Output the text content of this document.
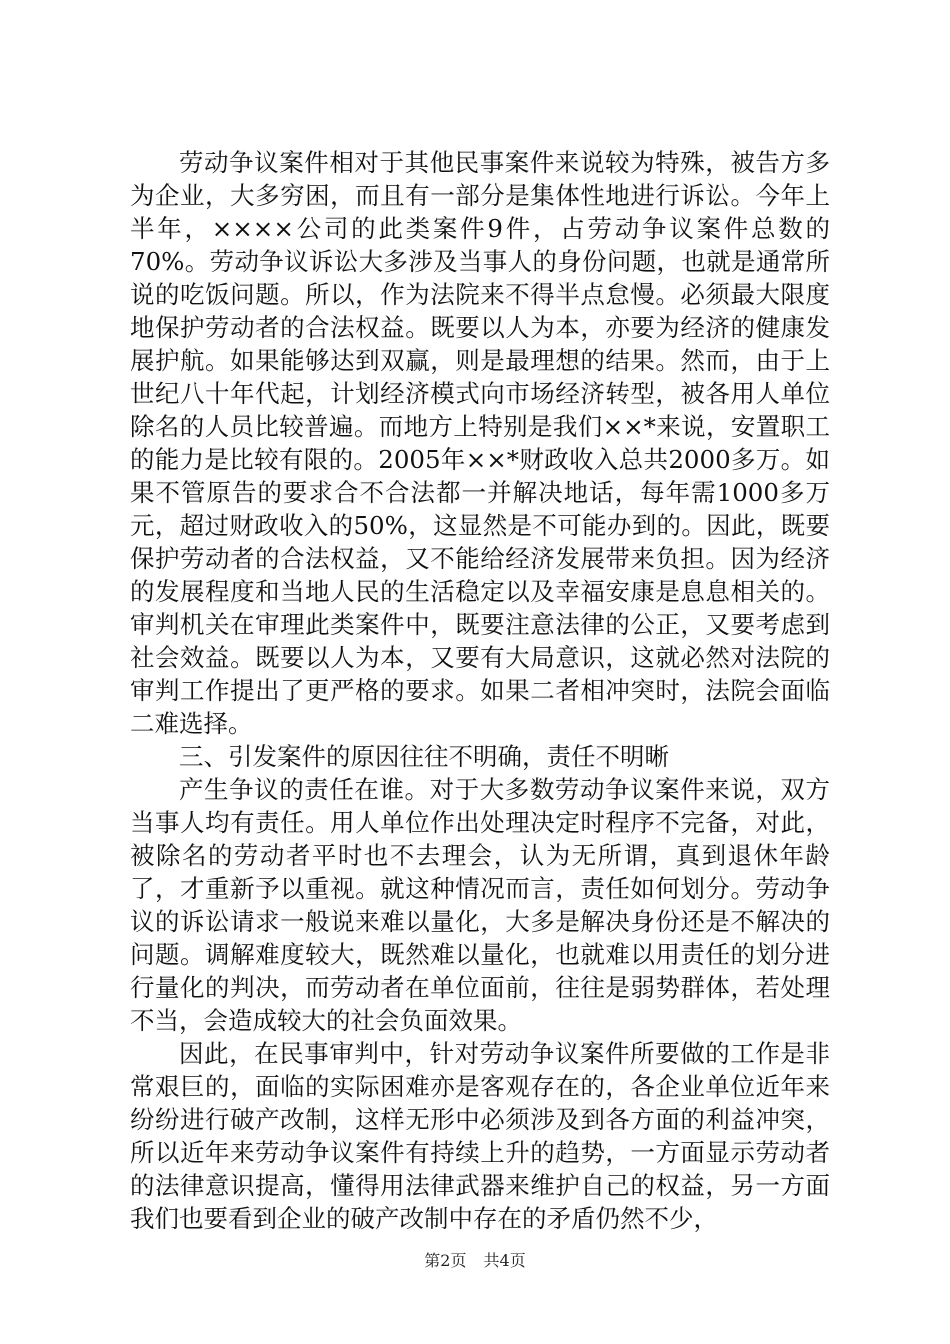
劳动争议案件相对于其他民事案件来说较为特殊，被告方多为企业，大多穷困，而且有一部分是集体性地进行诉讼。今年上半年，××××公司的此类案件9件，占劳动争议案件总数的70%。劳动争议诉讼大多涉及当事人的身份问题，也就是通常所说的吃饭问题。所以，作为法院来不得半点怠慢。必须最大限度地保护劳动者的合法权益。既要以人为本，亦要为经济的健康发展护航。如果能够达到双赢，则是最理想的结果。然而，由于上世纪八十年代起，计划经济模式向市场经济转型，被各用人单位除名的人员比较普遍。而地方上特别是我们××*来说，安置职工的能力是比较有限的。2005年××*财政收入总共2000多万。如果不管原告的要求合不合法都一并解决地话，每年需1000多万元，超过财政收入的50%，这显然是不可能办到的。因此，既要保护劳动者的合法权益，又不能给经济发展带来负担。因为经济的发展程度和当地人民的生活稳定以及幸福安康是息息相关的。审判机关在审理此类案件中，既要注意法律的公正，又要考虑到社会效益。既要以人为本，又要有大局意识，这就必然对法院的审判工作提出了更严格的要求。如果二者相冲突时，法院会面临二难选择。

三、引发案件的原因往往不明确，责任不明晰

产生争议的责任在谁。对于大多数劳动争议案件来说，双方当事人均有责任。用人单位作出处理决定时程序不完备，对此，被除名的劳动者平时也不去理会，认为无所谓，真到退休年龄了，才重新予以重视。就这种情况而言，责任如何划分。劳动争议的诉讼请求一般说来难以量化，大多是解决身份还是不解决的问题。调解难度较大，既然难以量化，也就难以用责任的划分进行量化的判决，而劳动者在单位面前，往往是弱势群体，若处理不当，会造成较大的社会负面效果。

因此，在民事审判中，针对劳动争议案件所要做的工作是非常艰巨的，面临的实际困难亦是客观存在的，各企业单位近年来纷纷进行破产改制，这样无形中必须涉及到各方面的利益冲突，所以近年来劳动争议案件有持续上升的趋势，一方面显示劳动者的法律意识提高，懂得用法律武器来维护自己的权益，另一方面我们也要看到企业的破产改制中存在的矛盾仍然不少，

第2页 共4页
